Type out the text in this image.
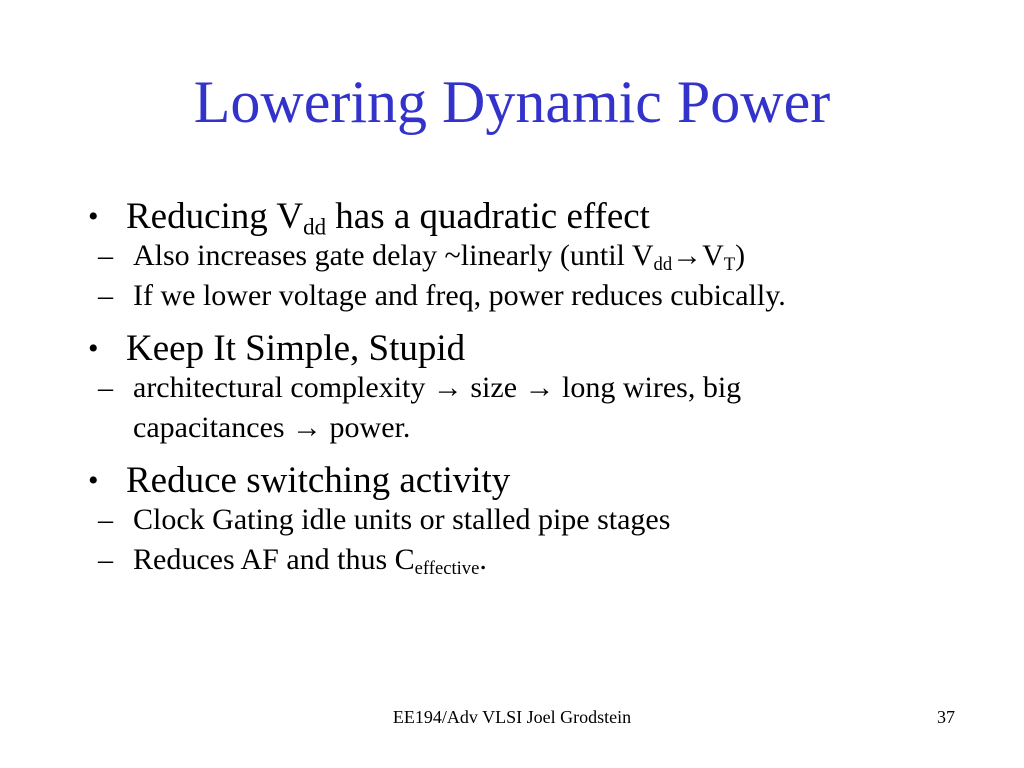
Lowering Dynamic Power
• Reducing $V_{dd}$ has a quadratic effect
– Also increases gate delay ~linearly (until $V_{dd}\to V_T$)
– If we lower voltage and freq, power reduces cubically.
• Keep It Simple, Stupid
– architectural complexity → size → long wires, big capacitances → power.
• Reduce switching activity
– Clock Gating idle units or stalled pipe stages
– Reduces AF and thus $C_{effective}$.
EE194/Adv VLSI Joel Grodstein	37
